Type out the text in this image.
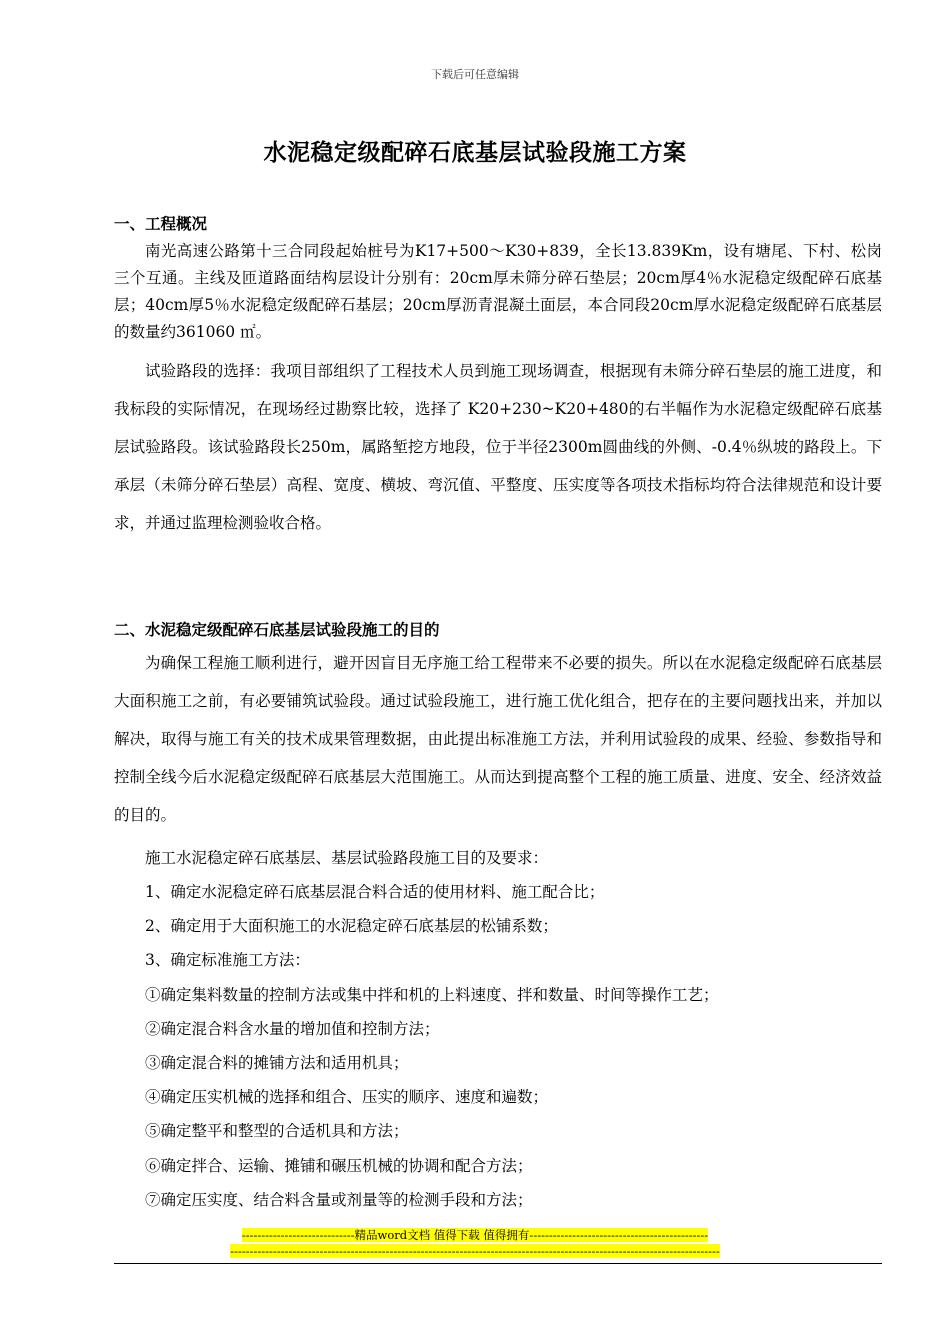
下载后可任意编辑
水泥稳定级配碎石底基层试验段施工方案
一、工程概况

南光高速公路第十三合同段起始桩号为K17+500～K30+839，全长13.839Km，设有塘尾、下村、松岗三个互通。主线及匝道路面结构层设计分别有：20cm厚未筛分碎石垫层；20cm厚4％水泥稳定级配碎石底基层；40cm厚5％水泥稳定级配碎石基层；20cm厚沥青混凝土面层，本合同段20cm厚水泥稳定级配碎石底基层的数量约361060 ㎡。

试验路段的选择：我项目部组织了工程技术人员到施工现场调查，根据现有未筛分碎石垫层的施工进度，和我标段的实际情况，在现场经过勘察比较，选择了 K20+230~K20+480的右半幅作为水泥稳定级配碎石底基层试验路段。该试验路段长250m，属路堑挖方地段，位于半径2300m圆曲线的外侧、-0.4％纵坡的路段上。下承层（未筛分碎石垫层）高程、宽度、横坡、弯沉值、平整度、压实度等各项技术指标均符合法律规范和设计要求，并通过监理检测验收合格。

二、水泥稳定级配碎石底基层试验段施工的目的

为确保工程施工顺利进行，避开因盲目无序施工给工程带来不必要的损失。所以在水泥稳定级配碎石底基层大面积施工之前，有必要铺筑试验段。通过试验段施工，进行施工优化组合，把存在的主要问题找出来，并加以解决，取得与施工有关的技术成果管理数据，由此提出标准施工方法，并利用试验段的成果、经验、参数指导和控制全线今后水泥稳定级配碎石底基层大范围施工。从而达到提高整个工程的施工质量、进度、安全、经济效益的目的。

施工水泥稳定碎石底基层、基层试验路段施工目的及要求：
1、确定水泥稳定碎石底基层混合料合适的使用材料、施工配合比；
2、确定用于大面积施工的水泥稳定碎石底基层的松铺系数；
3、确定标准施工方法：
①确定集料数量的控制方法或集中拌和机的上料速度、拌和数量、时间等操作工艺；
②确定混合料含水量的增加值和控制方法；
③确定混合料的摊铺方法和适用机具；
④确定压实机械的选择和组合、压实的顺序、速度和遍数；
⑤确定整平和整型的合适机具和方法；
⑥确定拌合、运输、摊铺和碾压机械的协调和配合方法；
⑦确定压实度、结合料含量或剂量等的检测手段和方法；
-----------------------------精品word文档 值得下载 值得拥有----------------------------------------------
------------------------------------------------------------------------------------------------------------------------------
